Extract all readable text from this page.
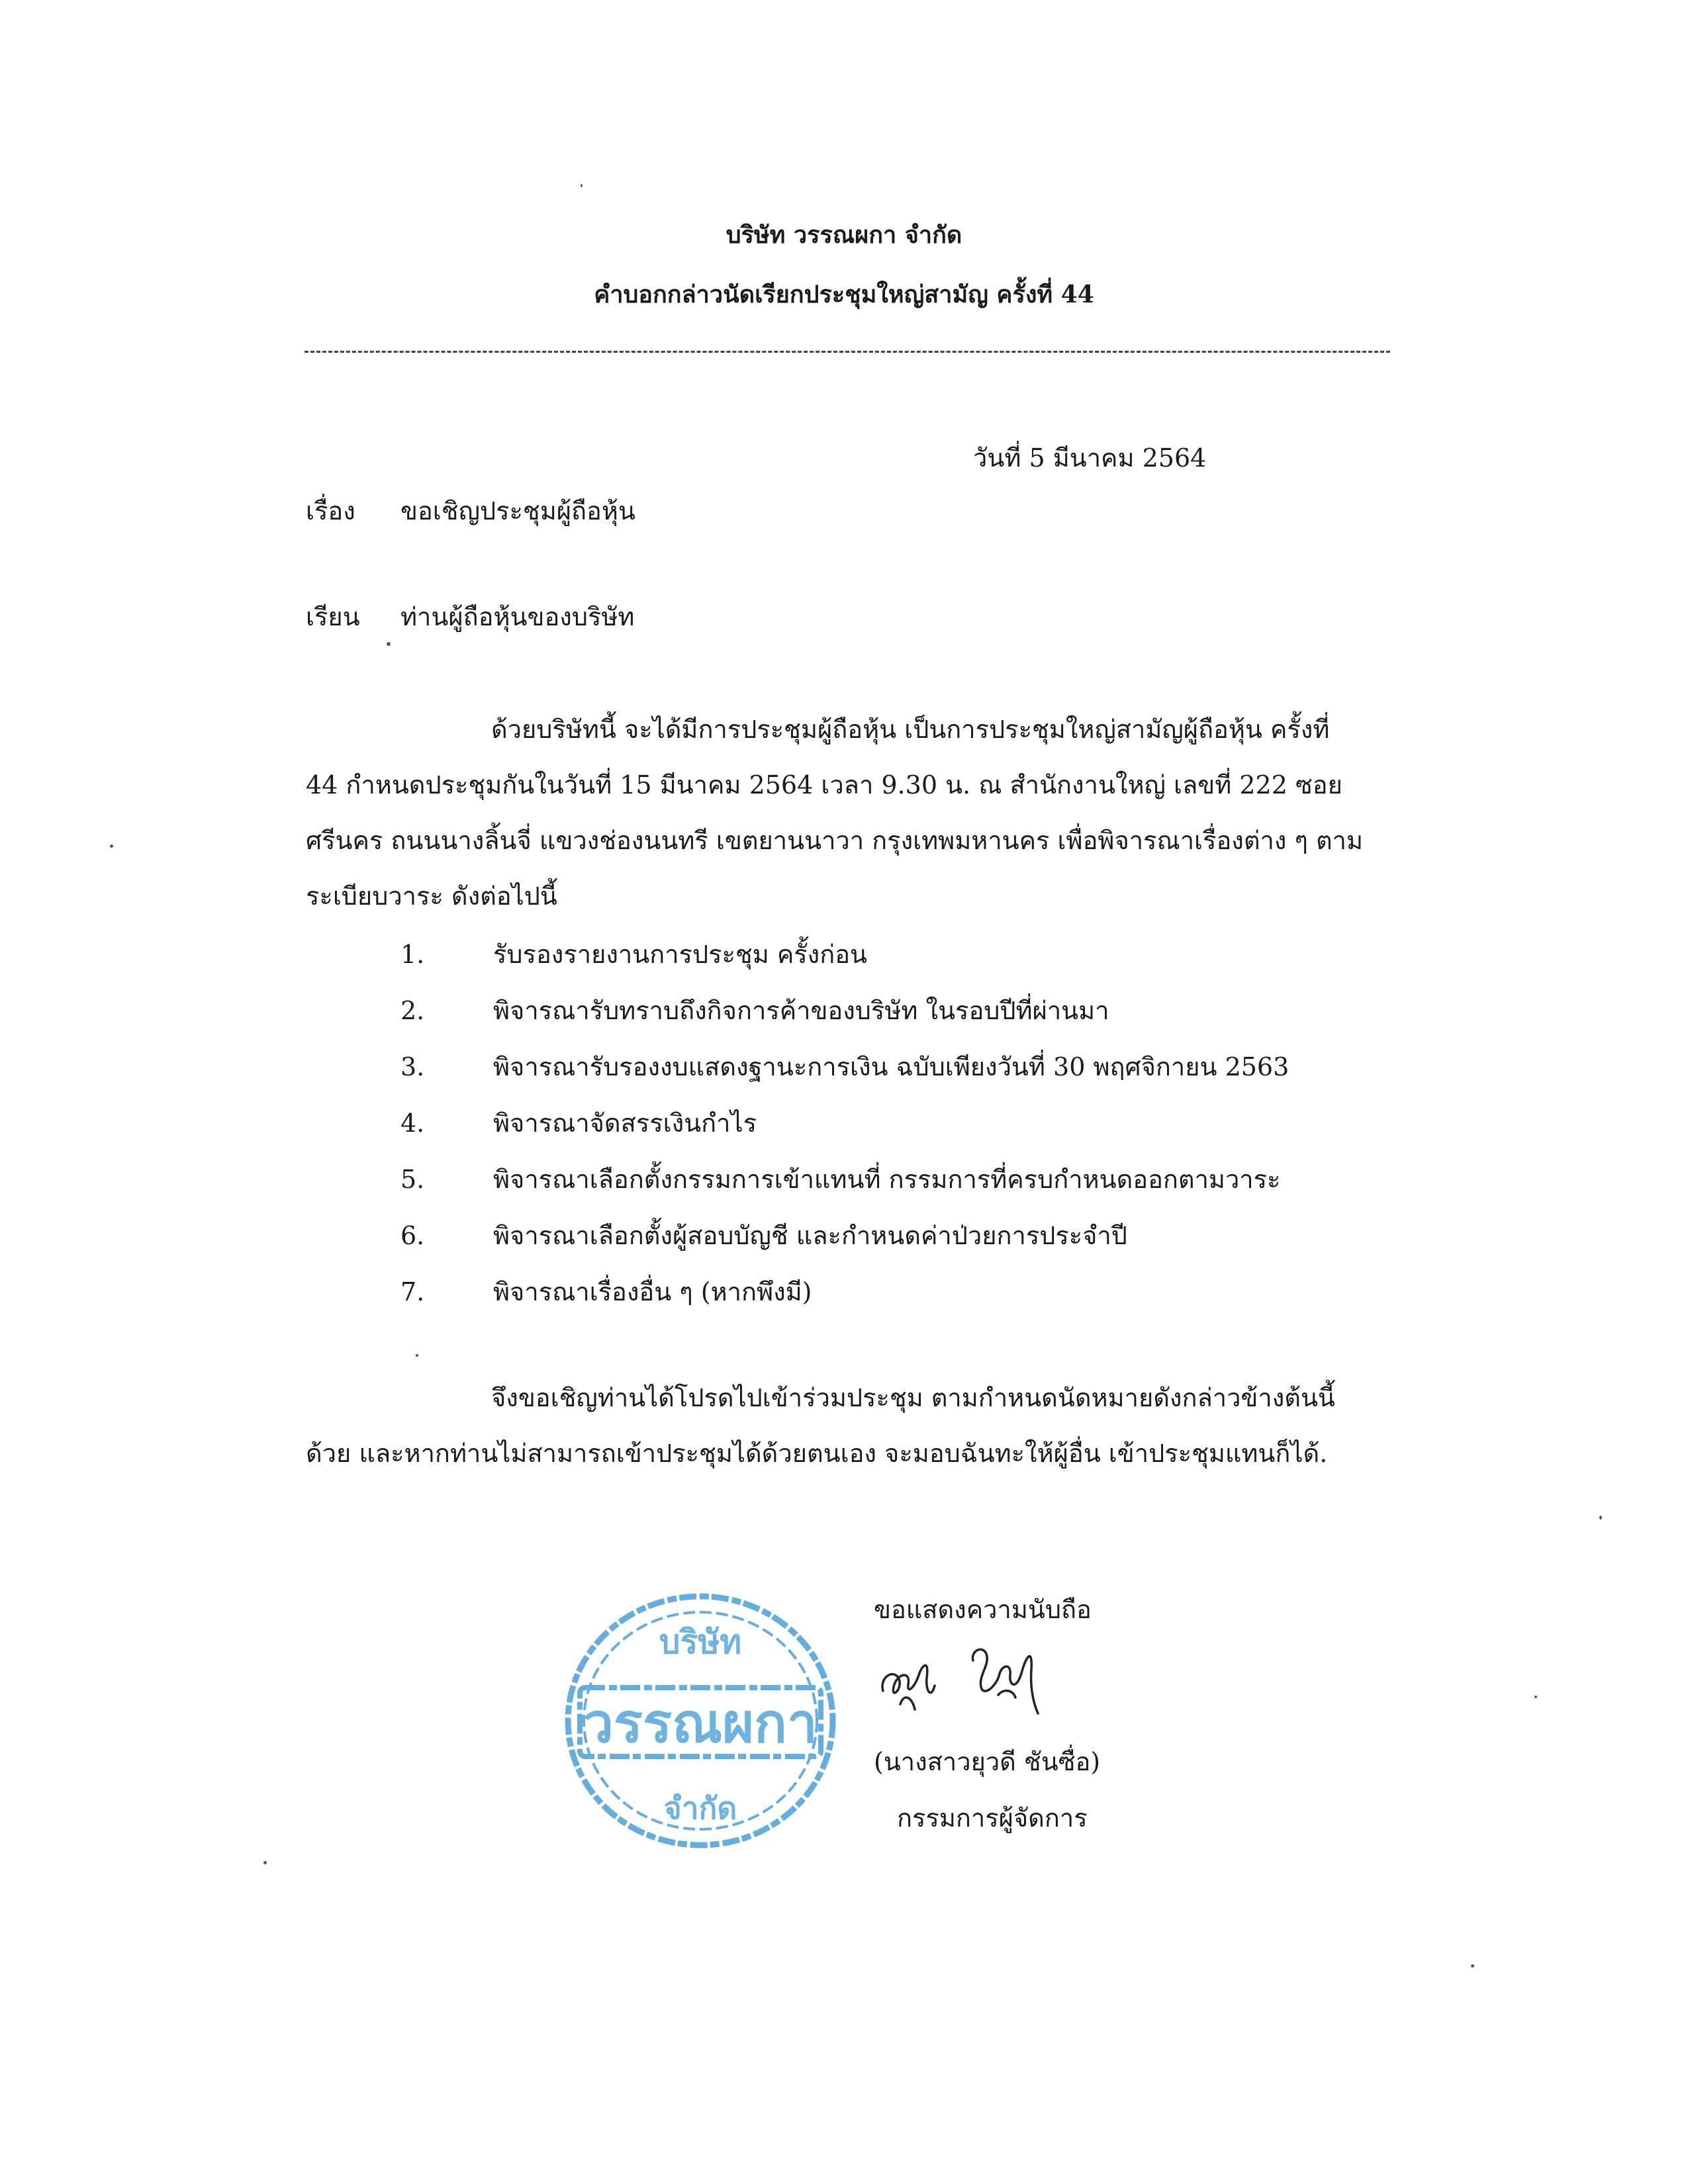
บริษัท วรรณผกา จำกัด
คำบอกกล่าวนัดเรียกประชุมใหญ่สามัญ ครั้งที่ 44
วันที่ 5 มีนาคม 2564
เรื่อง ขอเชิญประชุมผู้ถือหุ้น
เรียน ท่านผู้ถือหุ้นของบริษัท
ด้วยบริษัทนี้ จะได้มีการประชุมผู้ถือหุ้น เป็นการประชุมใหญ่สามัญผู้ถือหุ้น ครั้งที่
44 กำหนดประชุมกันในวันที่ 15 มีนาคม 2564 เวลา 9.30 น. ณ สำนักงานใหญ่ เลขที่ 222 ซอย
ศรีนคร ถนนนางลิ้นจี่ แขวงช่องนนทรี เขตยานนาวา กรุงเทพมหานคร เพื่อพิจารณาเรื่องต่าง ๆ ตาม
ระเบียบวาระ ดังต่อไปนี้
1.	รับรองรายงานการประชุม ครั้งก่อน
2.	พิจารณารับทราบถึงกิจการค้าของบริษัท ในรอบปีที่ผ่านมา
3.	พิจารณารับรองงบแสดงฐานะการเงิน ฉบับเพียงวันที่ 30 พฤศจิกายน 2563
4.	พิจารณาจัดสรรเงินกำไร
5.	พิจารณาเลือกตั้งกรรมการเข้าแทนที่ กรรมการที่ครบกำหนดออกตามวาระ
6.	พิจารณาเลือกตั้งผู้สอบบัญชี และกำหนดค่าป่วยการประจำปี
7.	พิจารณาเรื่องอื่น ๆ (หากพึงมี)
จึงขอเชิญท่านได้โปรดไปเข้าร่วมประชุม ตามกำหนดนัดหมายดังกล่าวข้างต้นนี้
ด้วย และหากท่านไม่สามารถเข้าประชุมได้ด้วยตนเอง จะมอบฉันทะให้ผู้อื่น เข้าประชุมแทนก็ได้.
ขอแสดงความนับถือ
(นางสาวยุวดี ชันซื่อ)
กรรมการผู้จัดการ
บริษัท
วรรณผกา
จำกัด
